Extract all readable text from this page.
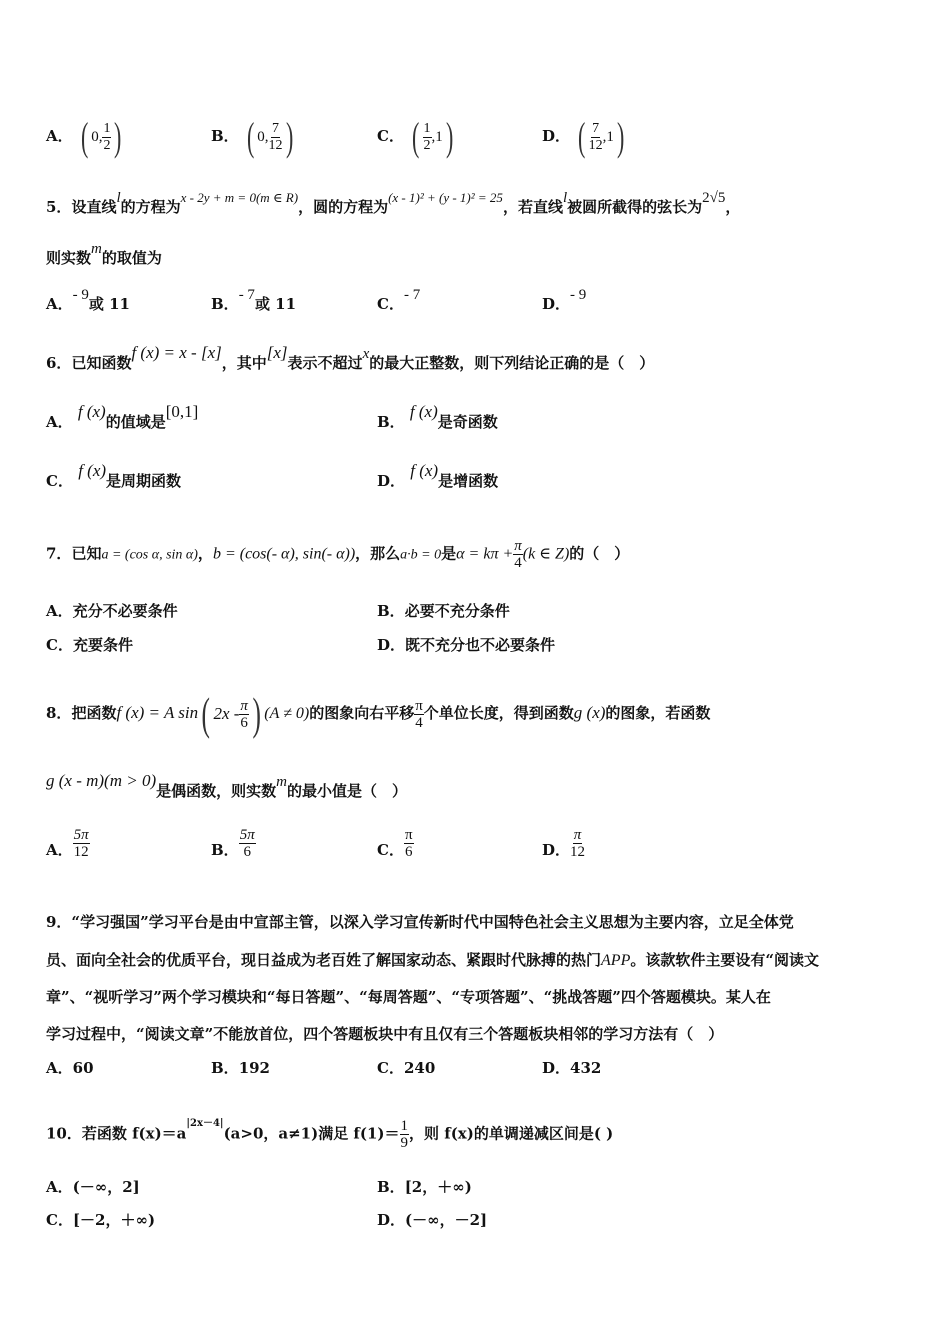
A． ( 0, $\frac{1}{2}$ )	B． ( 0, $\frac{7}{12}$ )	C． ( $\frac{1}{2} ,1$ )	D． ( $\frac{7}{12} ,1$ )
5．设直线l的方程为x - 2y + m = 0(m ∈ R)，圆的方程为(x - 1)² + (y - 1)² = 25，若直线l被圆所截得的弦长为2√5，
则实数m的取值为
A．- 9或 11	B．- 7或 11	C．- 7	D．- 9
6．已知函数f (x) = x - [x]，其中[x]表示不超过x的最大正整数，则下列结论正确的是（　）
A． f (x)的值域是[0,1]
B． f (x)是奇函数
C． f (x)是周期函数	D． f (x)是增函数
7．已知a = (cos α, sin α)，b = (cos(- α), sin(- α))，那么a·b = 0是$\alpha = k\pi + \frac{\pi}{4} (k$ ∈ Z)的（　）
A．充分不必要条件	B．必要不充分条件
C．充要条件	D．既不充分也不必要条件
8．把函数f (x) = A sin ( $2x - \frac{\pi}{6}$ ) (A ≠ 0)的图象向右平移 $\frac{\pi}{4}$ 个单位长度，得到函数g (x)的图象，若函数
g (x - m)(m > 0)是偶函数，则实数m的最小值是（　）
A． $\frac{5\pi}{12}$	B． $\frac{5\pi}{6}$	C． $\frac{\pi}{6}$	D． $\frac{\pi}{12}$
9．“学习强国”学习平台是由中宣部主管，以深入学习宣传新时代中国特色社会主义思想为主要内容，立足全体党
员、面向全社会的优质平台，现日益成为老百姓了解国家动态、紧跟时代脉搏的热门APP。该款软件主要设有“阅读文
章”、“视听学习”两个学习模块和“每日答题”、“每周答题”、“专项答题”、“挑战答题”四个答题模块。某人在
学习过程中，“阅读文章”不能放首位，四个答题板块中有且仅有三个答题板块相邻的学习方法有（　）
A．60	B．192	C．240	D．432
10．若函数 $f(x)=a^{|2x-4|}(a>0$，a≠1)满足 $f(1)= \frac{1}{9}$ ，则 f(x)的单调递减区间是( )
A．(－∞，2]	B．[2，＋∞)
C．[－2，＋∞)	D．(－∞，－2]
